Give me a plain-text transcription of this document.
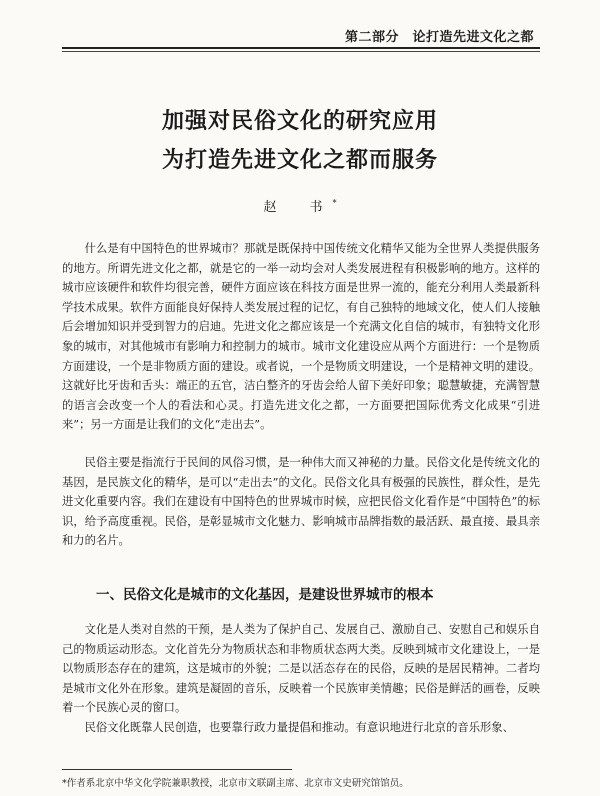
第二部分　论打造先进文化之都
加强对民俗文化的研究应用
为打造先进文化之都而服务
赵　书*

什么是有中国特色的世界城市？那就是既保持中国传统文化精华又能为全世界人类提供服务的地方。所谓先进文化之都，就是它的一举一动均会对人类发展进程有积极影响的地方。这样的城市应该硬件和软件均很完善，硬件方面应该在科技方面是世界一流的，能充分利用人类最新科学技术成果。软件方面能良好保持人类发展过程的记忆，有自己独特的地域文化，使人们人接触后会增加知识并受到智力的启迪。先进文化之都应该是一个充满文化自信的城市，有独特文化形象的城市，对其他城市有影响力和控制力的城市。城市文化建设应从两个方面进行：一个是物质方面建设，一个是非物质方面的建设。或者说，一个是物质文明建设，一个是精神文明的建设。这就好比牙齿和舌头：端正的五官，洁白整齐的牙齿会给人留下美好印象；聪慧敏捷，充满智慧的语言会改变一个人的看法和心灵。打造先进文化之都，一方面要把国际优秀文化成果“引进来”；另一方面是让我们的文化“走出去”。

民俗主要是指流行于民间的风俗习惯，是一种伟大而又神秘的力量。民俗文化是传统文化的基因，是民族文化的精华，是可以“走出去”的文化。民俗文化具有极强的民族性，群众性，是先进文化重要内容。我们在建设有中国特色的世界城市时候，应把民俗文化看作是“中国特色”的标识，给予高度重视。民俗，是彰显城市文化魅力、影响城市品牌指数的最活跃、最直接、最具亲和力的名片。

一、民俗文化是城市的文化基因，是建设世界城市的根本

文化是人类对自然的干预，是人类为了保护自己、发展自己、激励自己、安慰自己和娱乐自己的物质运动形态。文化首先分为物质状态和非物质状态两大类。反映到城市文化建设上，一是以物质形态存在的建筑，这是城市的外貌；二是以活态存在的民俗，反映的是居民精神。二者均是城市文化外在形象。建筑是凝固的音乐，反映着一个民族审美情趣；民俗是鲜活的画卷，反映着一个民族心灵的窗口。

民俗文化既靠人民创造，也要靠行政力量提倡和推动。有意识地进行北京的音乐形象、

*作者系北京中华文化学院兼职教授，北京市文联副主席、北京市文史研究馆馆员。
